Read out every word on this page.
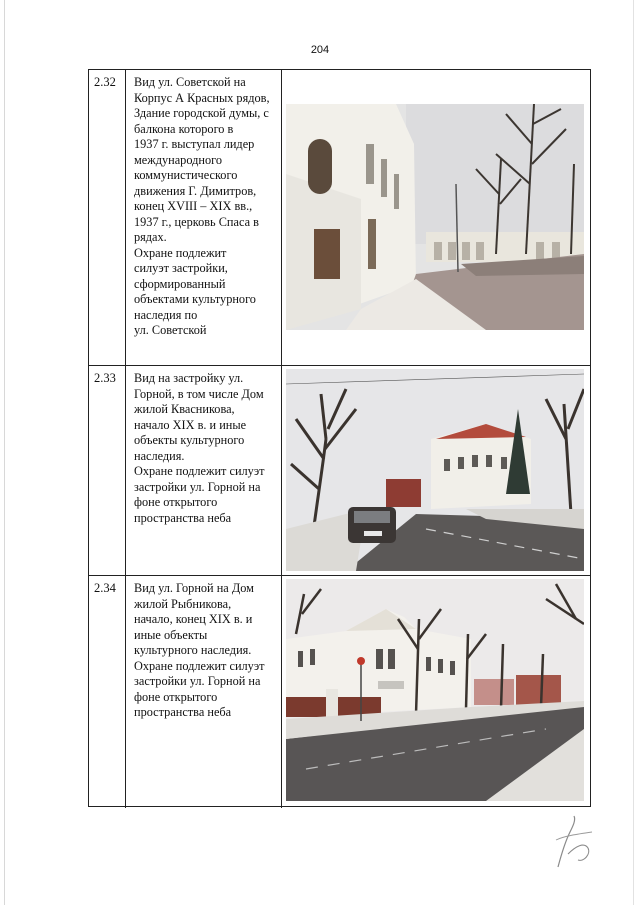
204
2.32	Вид ул. Советской на
Корпус А Красных рядов,
Здание городской думы, с
балкона которого в
1937 г. выступал лидер
международного
коммунистического
движения Г. Димитров,
конец XVIII – XIX вв.,
1937 г., церковь Спаса в
рядах.
Охране подлежит
силуэт застройки,
сформированный
объектами культурного
наследия по
ул. Советской
2.33	Вид на застройку ул.
Горной, в том числе Дом
жилой Квасникова,
начало XIX в. и иные
объекты культурного
наследия.
Охране подлежит силуэт
застройки ул. Горной на
фоне открытого
пространства неба
2.34	Вид ул. Горной на Дом
жилой Рыбникова,
начало, конец XIX в. и
иные объекты
культурного наследия.
Охране подлежит силуэт
застройки ул. Горной на
фоне открытого
пространства неба
